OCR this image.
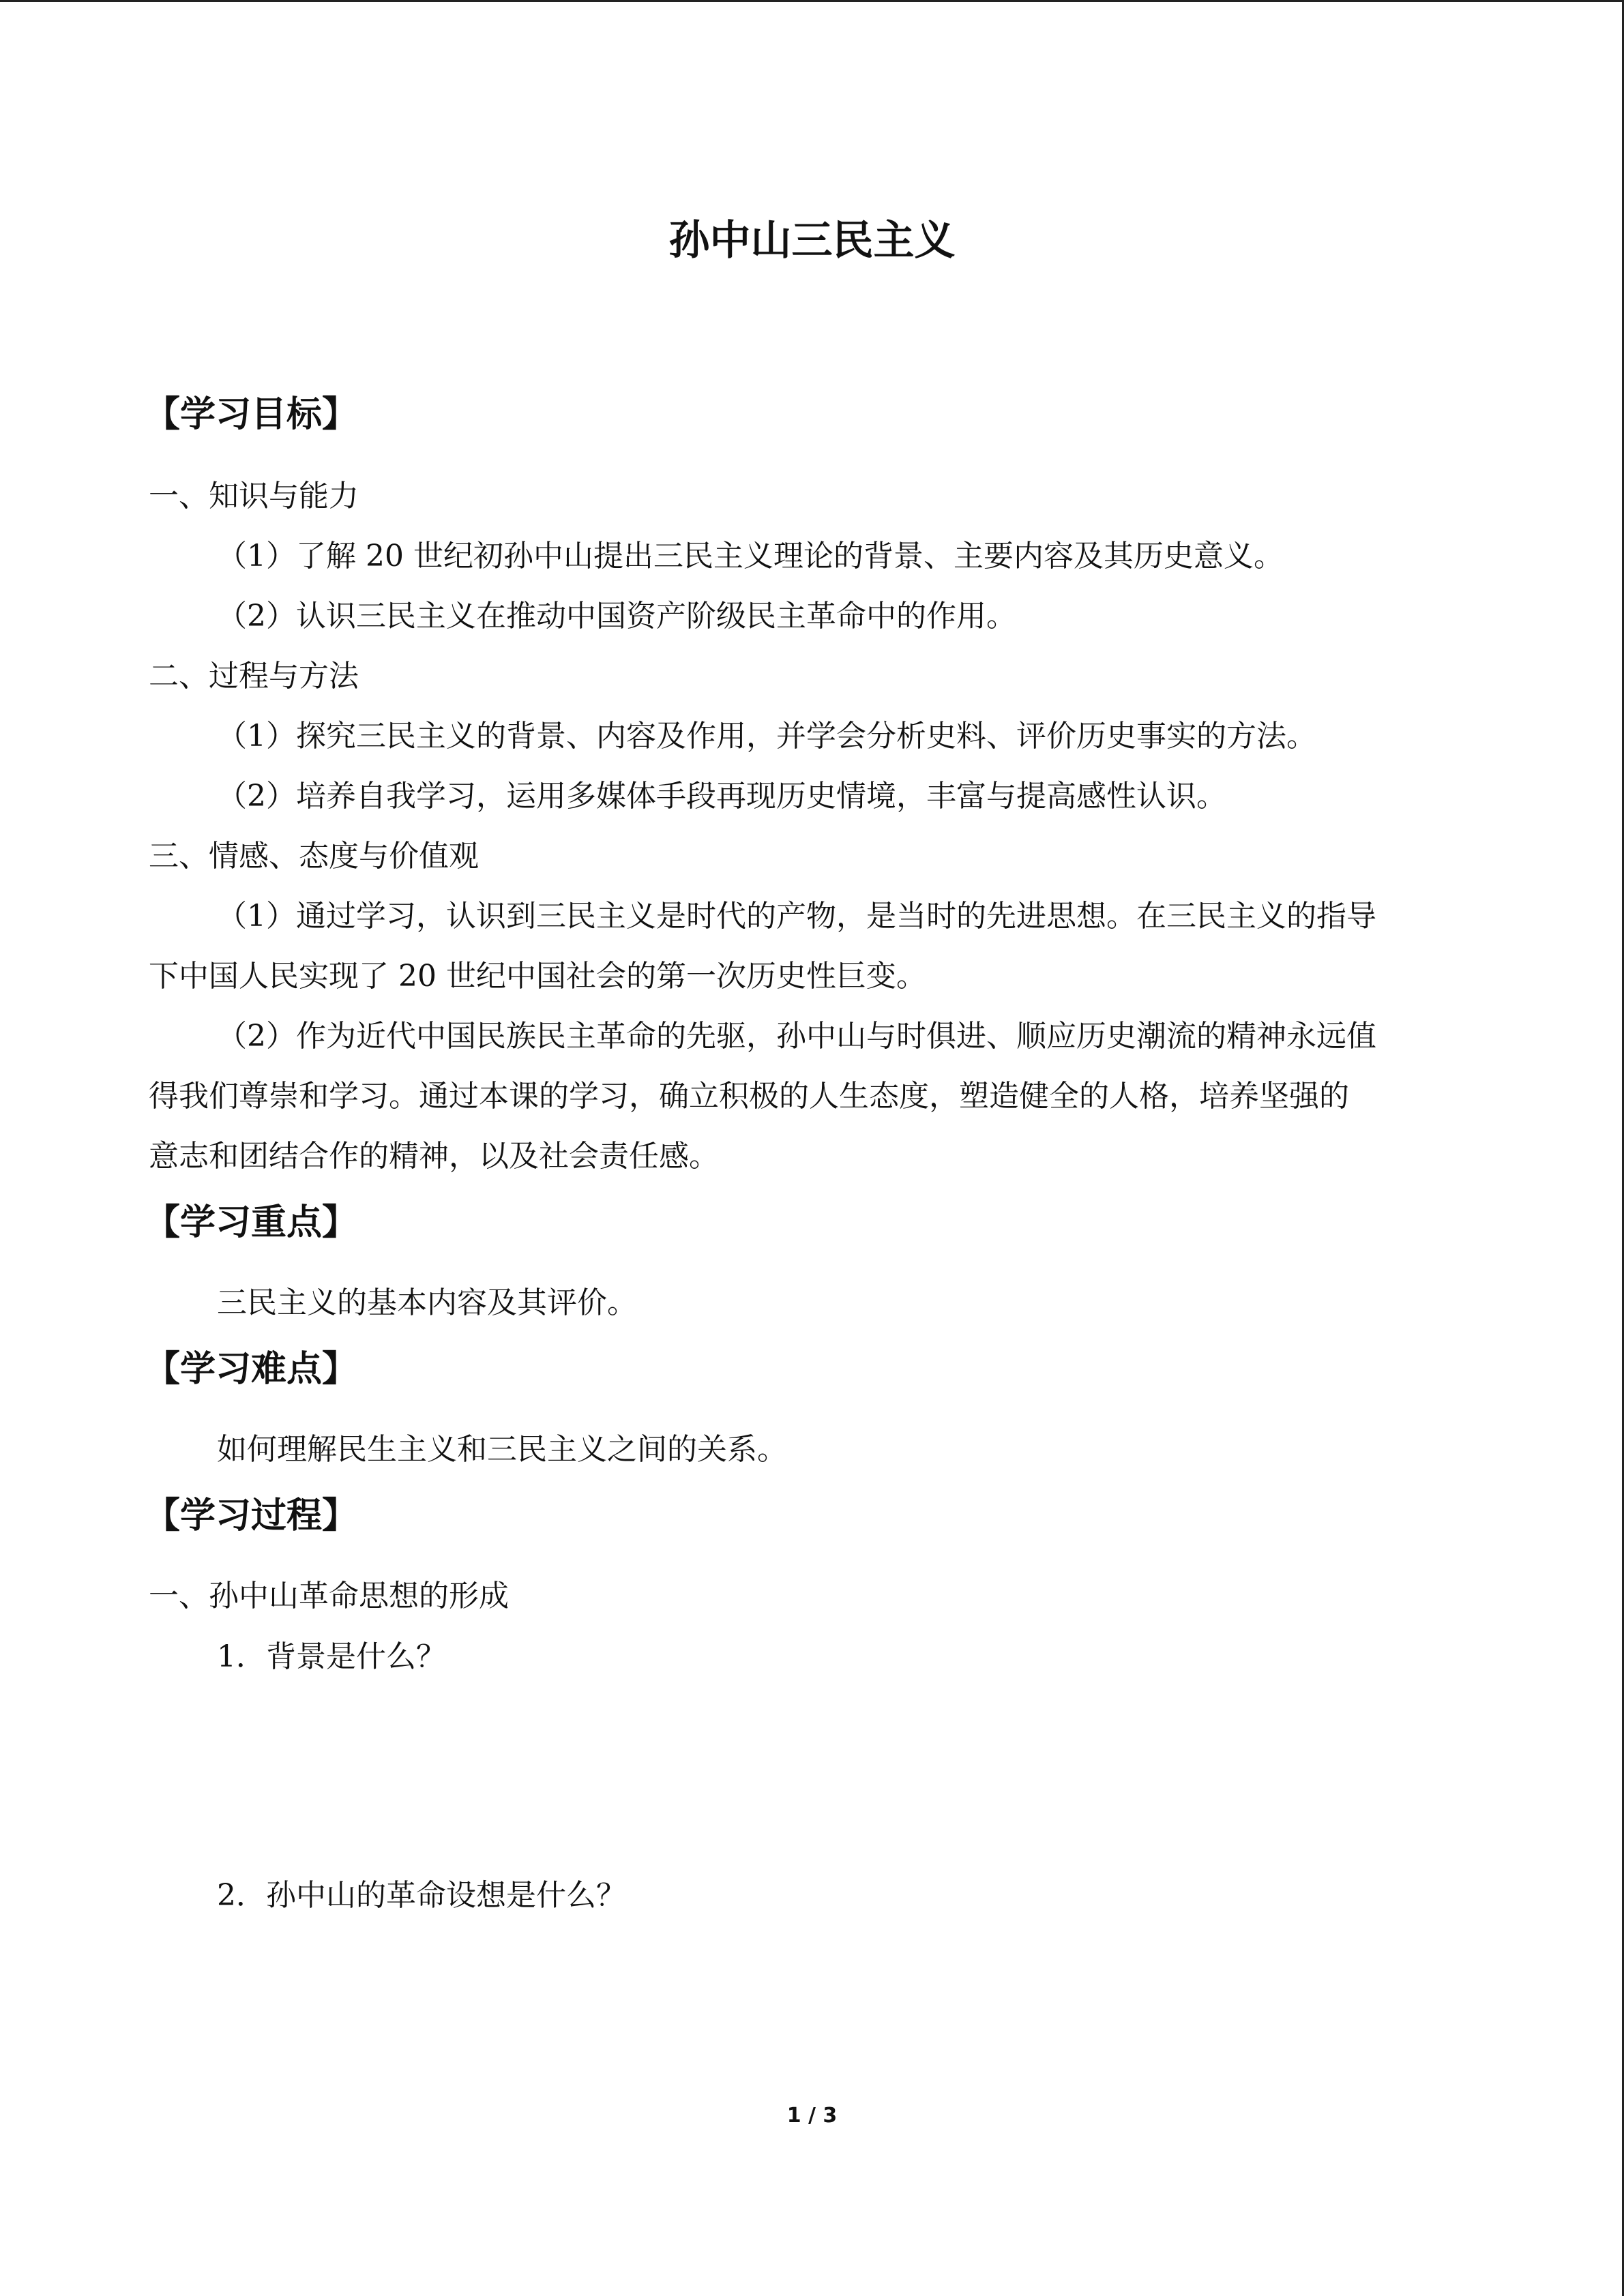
孙中山三民主义
【学习目标】
一、知识与能力
（1）了解 20 世纪初孙中山提出三民主义理论的背景、主要内容及其历史意义。
（2）认识三民主义在推动中国资产阶级民主革命中的作用。
二、过程与方法
（1）探究三民主义的背景、内容及作用，并学会分析史料、评价历史事实的方法。
（2）培养自我学习，运用多媒体手段再现历史情境，丰富与提高感性认识。
三、情感、态度与价值观
（1）通过学习，认识到三民主义是时代的产物，是当时的先进思想。在三民主义的指导
下中国人民实现了 20 世纪中国社会的第一次历史性巨变。
（2）作为近代中国民族民主革命的先驱，孙中山与时俱进、顺应历史潮流的精神永远值
得我们尊崇和学习。通过本课的学习，确立积极的人生态度，塑造健全的人格，培养坚强的
意志和团结合作的精神，以及社会责任感。
【学习重点】
三民主义的基本内容及其评价。
【学习难点】
如何理解民生主义和三民主义之间的关系。
【学习过程】
一、孙中山革命思想的形成
1．背景是什么？
2．孙中山的革命设想是什么？
1 / 3
